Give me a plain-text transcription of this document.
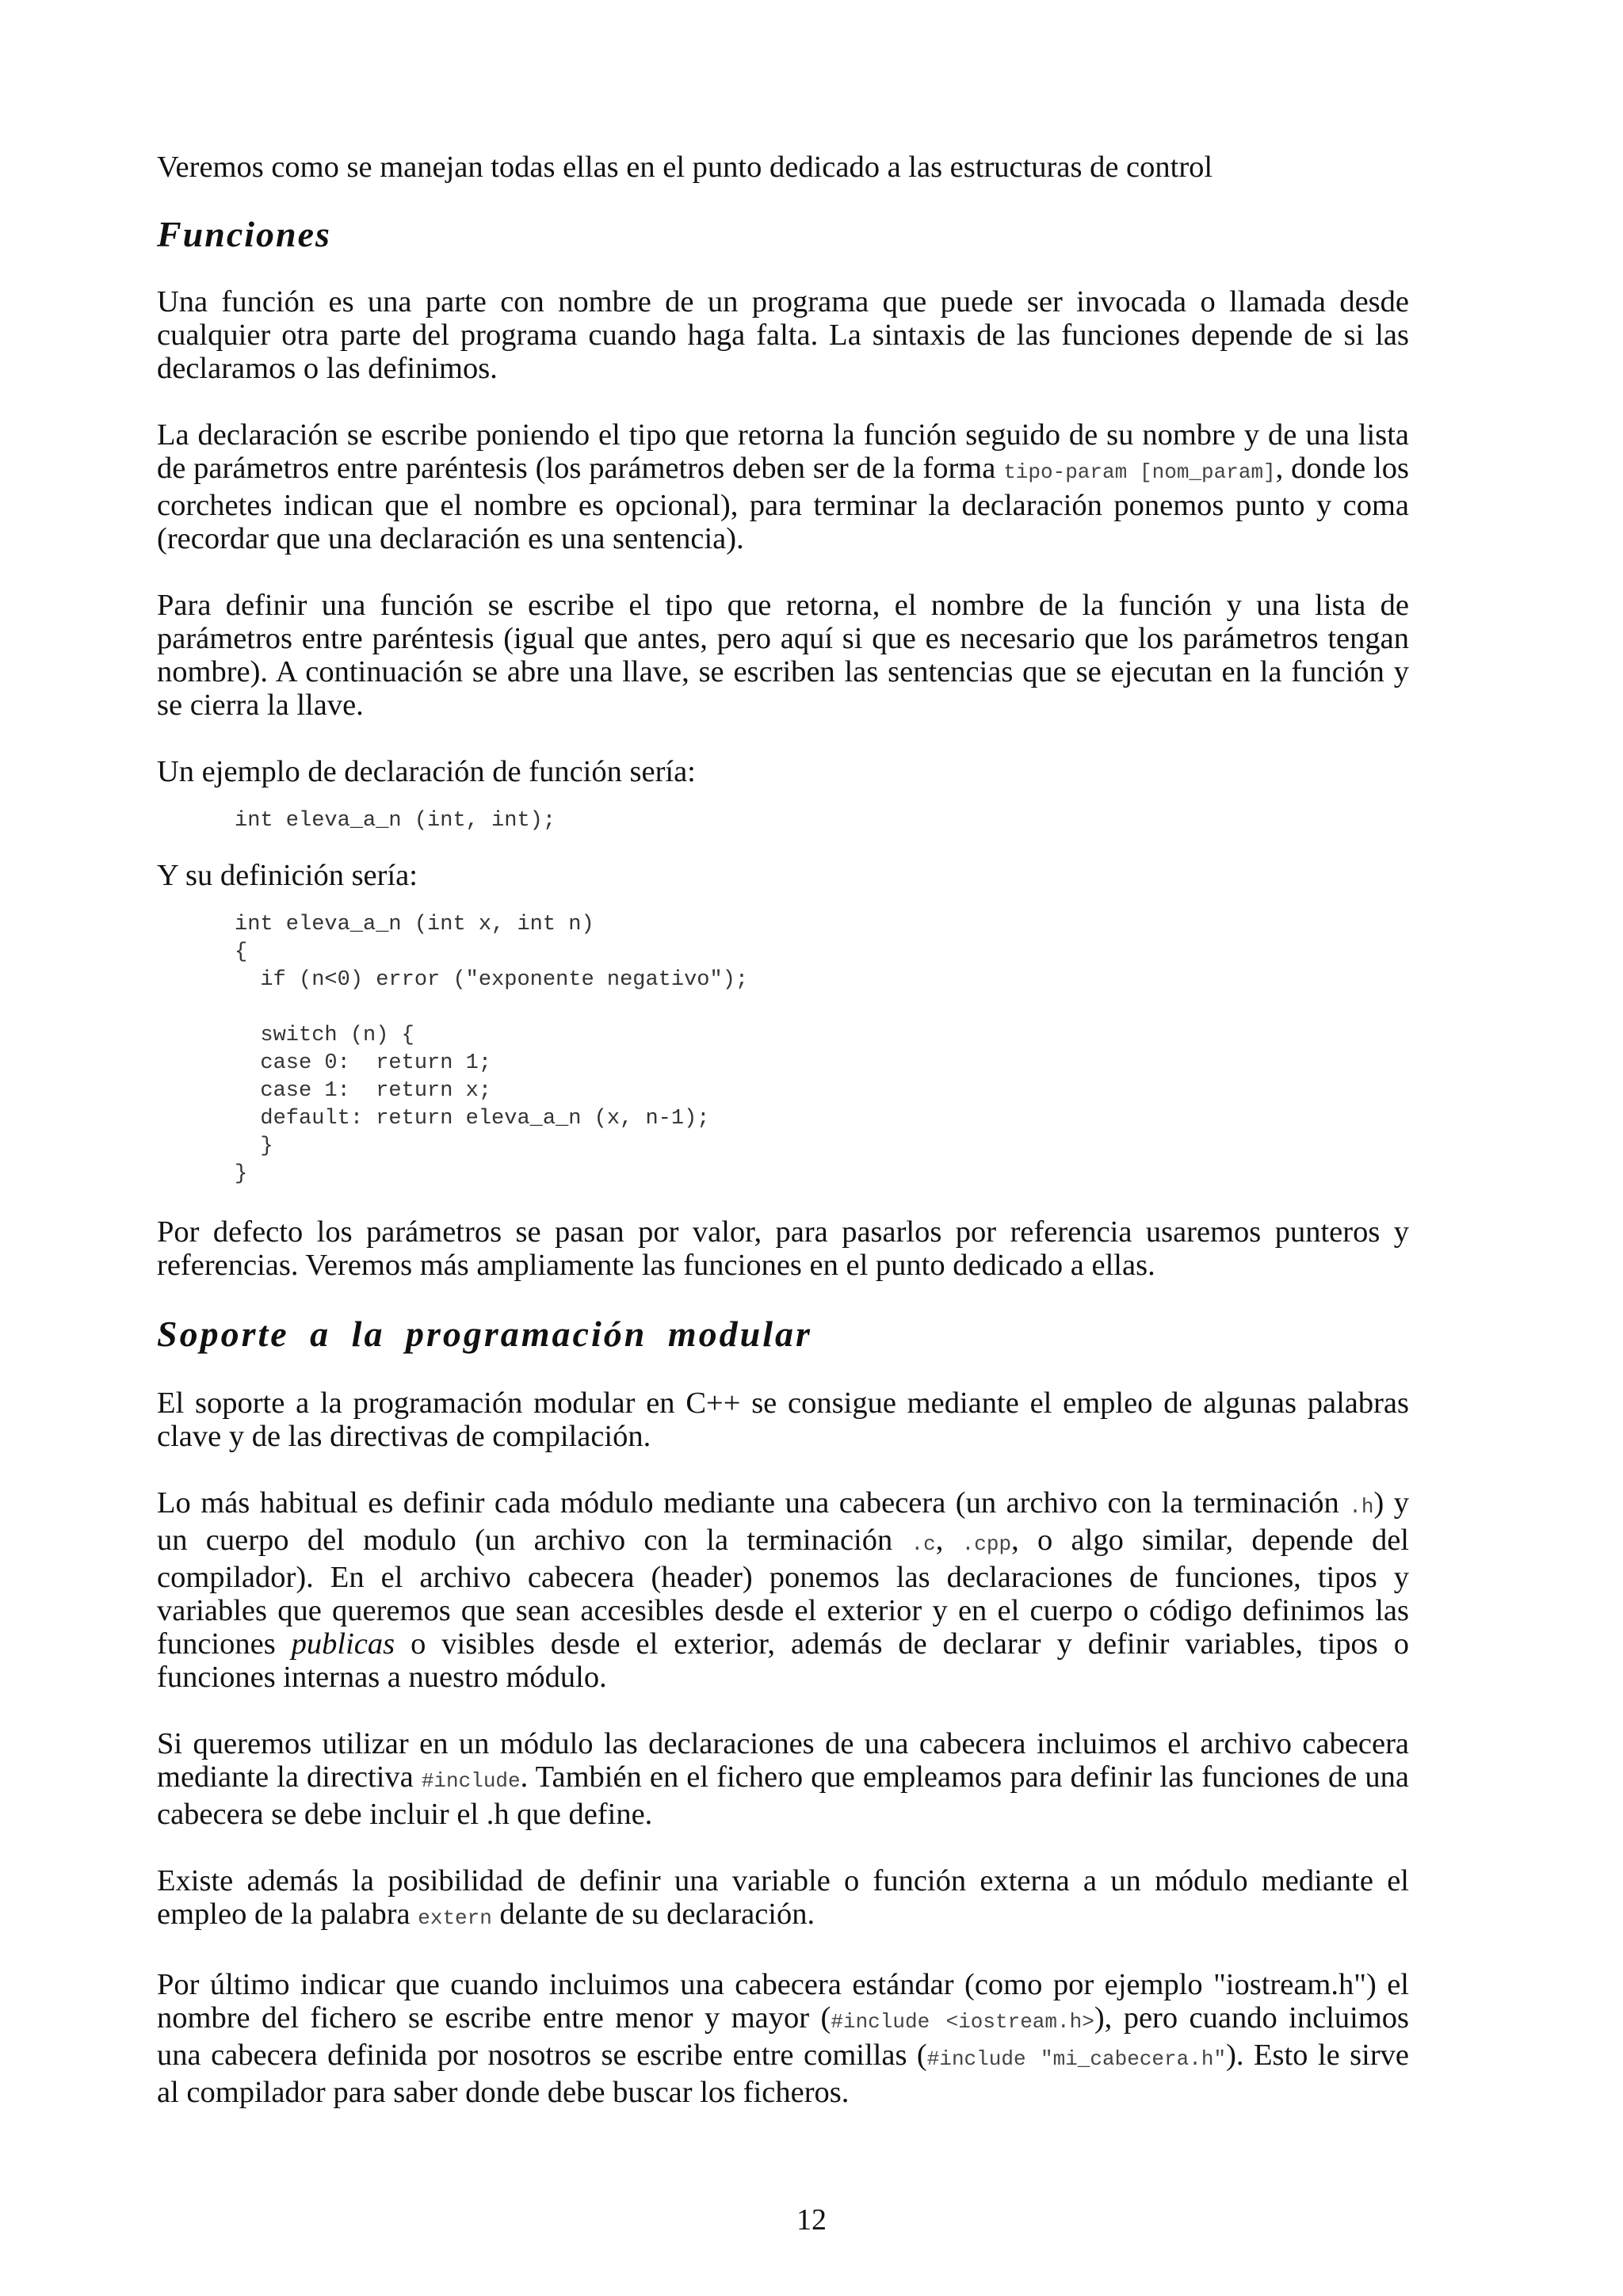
Veremos como se manejan todas ellas en el punto dedicado a las estructuras de control

Funciones

Una función es una parte con nombre de un programa que puede ser invocada o llamada desde cualquier otra parte del programa cuando haga falta. La sintaxis de las funciones depende de si las declaramos o las definimos.

La declaración se escribe poniendo el tipo que retorna la función seguido de su nombre y de una lista de parámetros entre paréntesis (los parámetros deben ser de la forma tipo-param [nom_param], donde los corchetes indican que el nombre es opcional), para terminar la declaración ponemos punto y coma (recordar que una declaración es una sentencia).

Para definir una función se escribe el tipo que retorna, el nombre de la función y una lista de parámetros entre paréntesis (igual que antes, pero aquí si que es necesario que los parámetros tengan nombre). A continuación se abre una llave, se escriben las sentencias que se ejecutan en la función y se cierra la llave.

Un ejemplo de declaración de función sería:

int eleva_a_n (int, int);

Y su definición sería:

int eleva_a_n (int x, int n)
{
if (n<0) error ("exponente negativo");

switch (n) {
case 0:  return 1;
case 1:  return x;
default: return eleva_a_n (x, n-1);
}
}

Por defecto los parámetros se pasan por valor, para pasarlos por referencia usaremos punteros y referencias. Veremos más ampliamente las funciones en el punto dedicado a ellas.

Soporte a la programación modular

El soporte a la programación modular en C++ se consigue mediante el empleo de algunas palabras clave y de las directivas de compilación.

Lo más habitual es definir cada módulo mediante una cabecera (un archivo con la terminación .h) y un cuerpo del modulo (un archivo con la terminación .c, .cpp, o algo similar, depende del compilador). En el archivo cabecera (header) ponemos las declaraciones de funciones, tipos y variables que queremos que sean accesibles desde el exterior y en el cuerpo o código definimos las funciones publicas o visibles desde el exterior, además de declarar y definir variables, tipos o funciones internas a nuestro módulo.

Si queremos utilizar en un módulo las declaraciones de una cabecera incluimos el archivo cabecera mediante la directiva #include. También en el fichero que empleamos para definir las funciones de una cabecera se debe incluir el .h que define.

Existe además la posibilidad de definir una variable o función externa a un módulo mediante el empleo de la palabra extern delante de su declaración.

Por último indicar que cuando incluimos una cabecera estándar (como por ejemplo "iostream.h") el nombre del fichero se escribe entre menor y mayor (#include <iostream.h>), pero cuando incluimos una cabecera definida por nosotros se escribe entre comillas (#include "mi_cabecera.h"). Esto le sirve al compilador para saber donde debe buscar los ficheros.

12
